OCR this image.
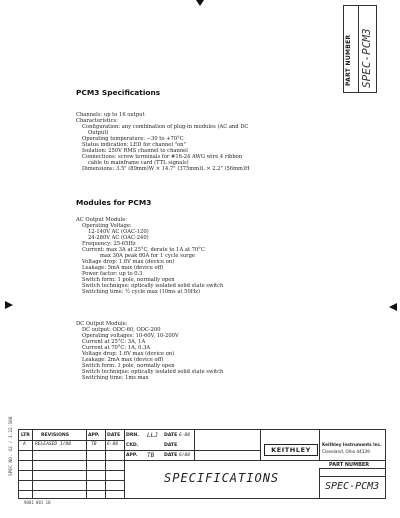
PART NUMBER SPEC-PCM3
PCM3 Specifications
Channels: up to 16 output
Characteristics:
Configuration: any combination of plug-in modules (AC and DC
Output)
Operating temperature: −30 to +70°C
Status indication: LED for channel "on"
Isolation: 250V RMS channel to channel
Connections: screw terminals for #16-24 AWG wire 4 ribbon
cable to mainframe card (TTL signals)
Dimensions: 3.5" (89mm)W × 14.7" (375mm)L × 2.2" (56mm)H
Modules for PCM3
AC Output Module:
Operating Voltage:
12-140V AC (OAC-120)
24-280V AC (OAC-240)
Frequency: 25-65Hz
Current: max 3A at 25°C, derate to 1A at 70°C
max 30A peak 80A for 1 cycle surge
Voltage drop: 1.6V max (device on)
Leakage: 5mA max (device off)
Power factor: up to 0.3
Switch form: 1 pole, normally open
Switch technique: optically isolated solid state switch
Switching time: ½ cycle max (10ms at 50Hz)
DC Output Module:
DC output: ODC-60, ODC-200
Operating voltages: 10-60V, 10-200V
Current at 25°C: 3A, 1A
Current at 70°C: 1A, 0.3A
Voltage drop: 1.6V max (device on)
Leakage: 2mA max (device off)
Switch form: 1 pole, normally open
Switch technique: optically isolated solid state switch
Switching time: 1ms max
LTR REVISIONS	APP. DATE
A RELEASED 1/88	TB 6-88
DRN. LLJ DATE 6-88
CKD.	DATE
APP. TB DATE 6/88
KEITHLEY
Keithley Instruments Inc.
Cleveland, Ohio 44139
PART NUMBER
SPECIFICATIONS
SPEC-PCM3
SPEC NO. 42 / 1.22.108
9001 001 1B
